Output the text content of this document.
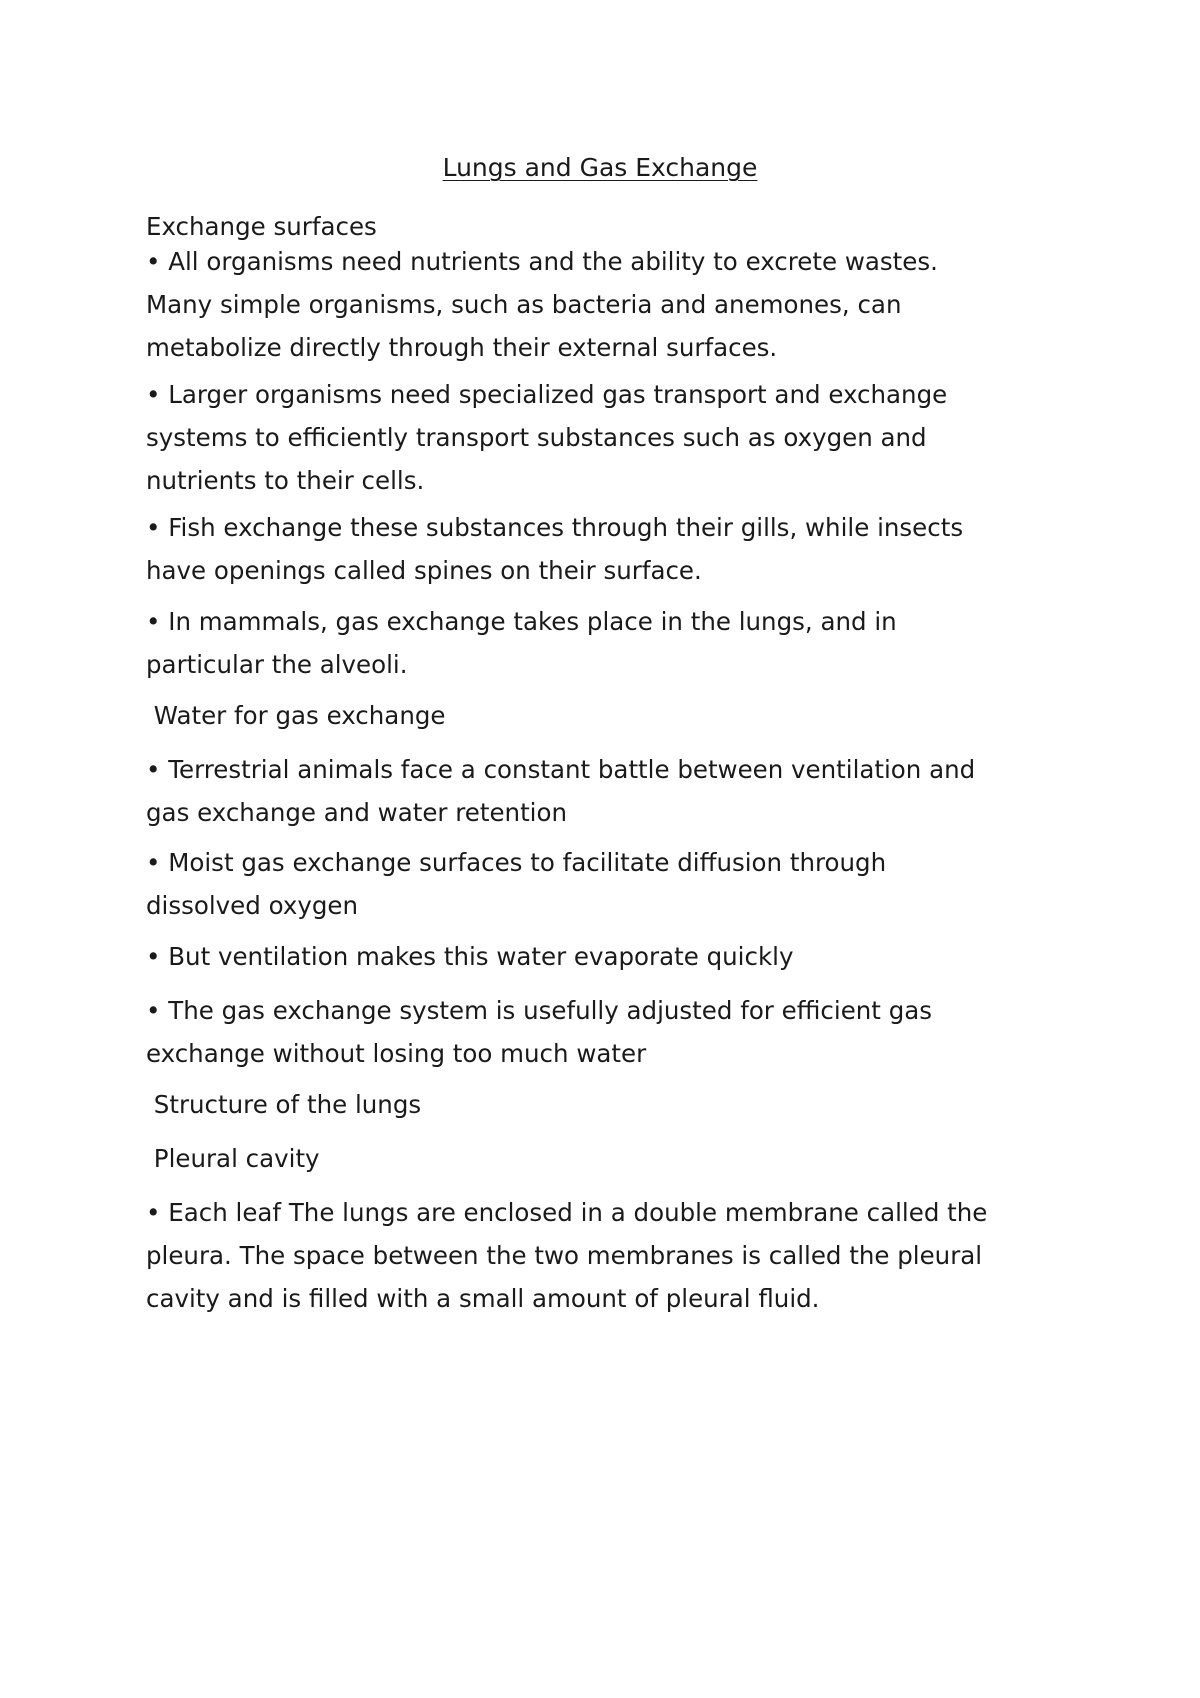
Lungs and Gas Exchange
Exchange surfaces
• All organisms need nutrients and the ability to excrete wastes.
Many simple organisms, such as bacteria and anemones, can
metabolize directly through their external surfaces.
• Larger organisms need specialized gas transport and exchange
systems to efficiently transport substances such as oxygen and
nutrients to their cells.
• Fish exchange these substances through their gills, while insects
have openings called spines on their surface.
• In mammals, gas exchange takes place in the lungs, and in
particular the alveoli.
Water for gas exchange
• Terrestrial animals face a constant battle between ventilation and
gas exchange and water retention
• Moist gas exchange surfaces to facilitate diffusion through
dissolved oxygen
• But ventilation makes this water evaporate quickly
• The gas exchange system is usefully adjusted for efficient gas
exchange without losing too much water
Structure of the lungs
Pleural cavity
• Each leaf The lungs are enclosed in a double membrane called the
pleura. The space between the two membranes is called the pleural
cavity and is filled with a small amount of pleural fluid.
